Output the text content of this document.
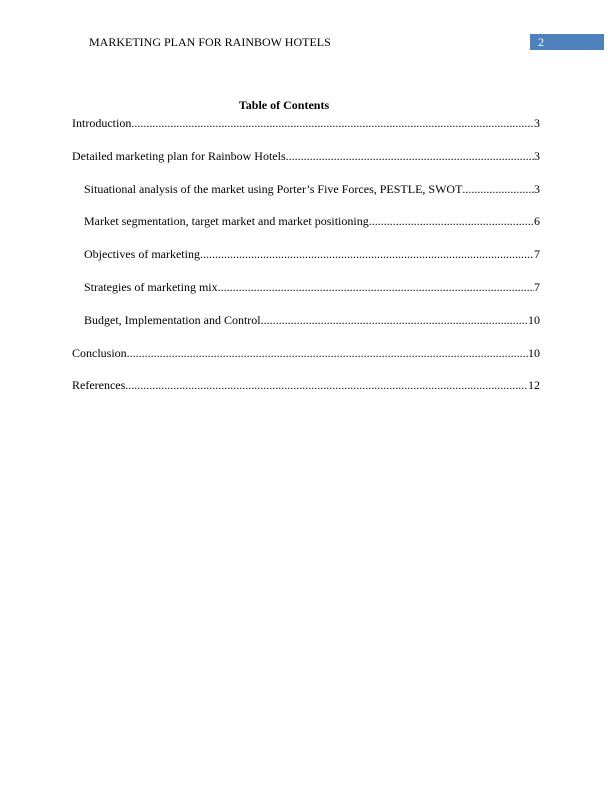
MARKETING PLAN FOR RAINBOW HOTELS	2
Table of Contents
Introduction .....	3
Detailed marketing plan for Rainbow Hotels .....	3
Situational analysis of the market using Porter’s Five Forces, PESTLE, SWOT .....	3
Market segmentation, target market and market positioning .....	6
Objectives of marketing .....	7
Strategies of marketing mix .....	7
Budget, Implementation and Control .....	10
Conclusion .....	10
References .....	12
